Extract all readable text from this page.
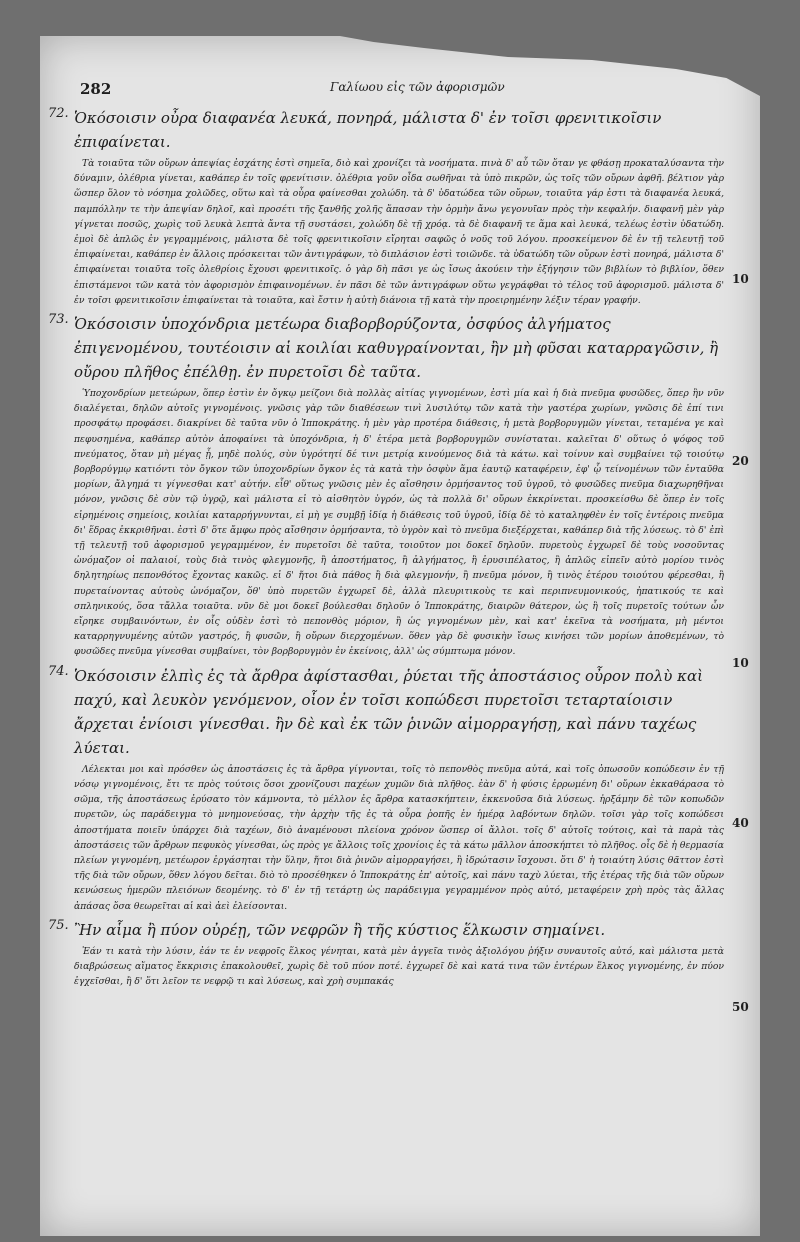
282	Γαλίωου εἰς τῶν ἀφορισμῶν
72. Ὁκόσοισιν οὖρα διαφανέα λευκά, πονηρά, μάλιστα δ' ἐν τοῖσι φρενιτικοῖσιν ἐπιφαίνεται.
Τὰ τοιαῦτα τῶν οὔρων ἀπεψίας ἐσχάτης ἐστὶ σημεῖα, διὸ καὶ χρονίζει τὰ νοσήματα. πινὰ δ' αὖ τῶν ὅταν γε φθάσῃ προκαταλύσαντα τὴν δύναμιν, ὀλέθρια γίνεται, καθάπερ ἐν τοῖς φρενίτισιν. ὀλέθρια γοῦν οἶδα σωθῆναι τὰ ὑπὸ πικρῶν, ὡς τοῖς τῶν οὔρων ἀφθῆ. βέλτιον γὰρ ὥσπερ ὅλον τὸ νόσημα χολῶδες, οὕτω καὶ τὰ οὖρα φαίνεσθαι χολώδη. τὰ δ' ὑδατώδεα τῶν οὔρων, τοιαῦτα γάρ ἐστι τὰ διαφανέα λευκά, παμπόλλην τε τὴν ἀπεψίαν δηλοῖ, καὶ προσέτι τῆς ξανθῆς χολῆς ἅπασαν τὴν ὁρμὴν ἄνω γεγονυῖαν πρὸς τὴν κεφαλήν. διαφανῆ μὲν γὰρ γίγνεται ποσῶς, χωρὶς τοῦ λευκὰ λεπτὰ ἄντα τῇ συστάσει, χολώδη δὲ τῇ χρόᾳ. τὰ δὲ διαφανῆ τε ἅμα καὶ λευκά, τελέως ἐστὶν ὑδατώδη. ἐμοὶ δὲ ἁπλῶς ἐν γεγραμμένοις, μάλιστα δὲ τοῖς φρενιτικοῖσιν εἴρηται σαφῶς ὁ νοῦς τοῦ λόγου. προσκείμενον δὲ ἐν τῇ τελευτῇ τοῦ ἐπιφαίνεται, καθάπερ ἐν ἄλλοις πρόσκειται τῶν ἀντιγράφων, τὸ διπλάσιον ἐστὶ τοιῶνδε. τὰ ὑδατώδη τῶν οὔρων ἐστὶ πονηρά, μάλιστα δ' ἐπιφαίνεται τοιαῦτα τοῖς ὀλεθρίοις ἔχουσι φρενιτικοῖς. ὁ γὰρ δὴ πᾶσι γε ὡς ἴσως ἀκούειν τὴν ἐξήγησιν τῶν βιβλίων τὸ βιβλίον, ὅθεν ἐπιστάμενοι τῶν κατὰ τὸν ἀφορισμὸν ἐπιφαινομένων. ἐν πᾶσι δὲ τῶν ἀντιγράφων οὕτω γεγράφθαι τὸ τέλος τοῦ ἀφορισμοῦ. μάλιστα δ' ἐν τοῖσι φρενιτικοῖσιν ἐπιφαίνεται τὰ τοιαῦτα, καὶ ἔστιν ἡ αὐτὴ διάνοια τῇ κατὰ τὴν προειρημένην λέξιν τέραν γραφήν.
73. Ὁκόσοισιν ὑποχόνδρια μετέωρα διαβορβορύζοντα, ὀσφύος ἀλγήματος ἐπιγενομένου, τουτέοισιν αἱ κοιλίαι καθυγραίνονται, ἢν μὴ φῦσαι καταρραγῶσιν, ἢ οὔρου πλῆθος ἐπέλθῃ. ἐν πυρετοῖσι δὲ ταῦτα.
Ὑποχονδρίων μετεώρων, ὅπερ ἐστὶν ἐν ὄγκῳ μείζονι διὰ πολλὰς αἰτίας γιγνομένων, ἐστὶ μία καὶ ἡ διὰ πνεῦμα φυσῶδες, ὅπερ ἢν νῦν διαλέγεται, δηλῶν αὐτοῖς γιγνομένοις. γνῶσις γὰρ τῶν διαθέσεων τινὶ λυσιλύτῳ τῶν κατὰ τὴν γαστέρα χωρίων, γνῶσις δὲ ἐπί τινι προσφάτῳ προφάσει. διακρίνει δὲ ταῦτα νῦν ὁ Ἱπποκράτης. ἡ μὲν γὰρ προτέρα διάθεσις, ἡ μετὰ βορβορυγμῶν γίνεται, τεταμένα γε καὶ πεφυσημένα, καθάπερ αὐτὸν ἀποφαίνει τὰ ὑποχόνδρια, ἡ δ' ἑτέρα μετὰ βορβορυγμῶν συνίσταται. καλεῖται δ' οὕτως ὁ ψόφος τοῦ πνεύματος, ὅταν μὴ μέγας ᾖ, μηδὲ πολύς, σὺν ὑγρότητί δέ τινι μετρίᾳ κινούμενος διὰ τὰ κάτω. καὶ τοίνυν καὶ συμβαίνει τῷ τοιούτῳ βορβορύγμῳ κατιόντι τὸν ὄγκον τῶν ὑποχονδρίων ὄγκον ἐς τὰ κατὰ τὴν ὀσφὺν ἅμα ἑαυτῷ καταφέρειν, ἐφ' ᾧ τείνομένων τῶν ἐνταῦθα μορίων, ἄλγημά τι γίγνεσθαι κατ' αὐτήν. εἶθ' οὕτως γνῶσις μὲν ἐς αἴσθησιν ὁρμήσαντος τοῦ ὑγροῦ, τὸ φυσῶδες πνεῦμα διαχωρηθῆναι μόνον, γνῶσις δὲ σὺν τῷ ὑγρῷ, καὶ μάλιστα εἰ τὸ αἰσθητὸν ὑγρόν, ὡς τὰ πολλὰ δι' οὔρων ἐκκρίνεται. προσκείσθω δὲ ὅπερ ἐν τοῖς εἰρημένοις σημείοις, κοιλίαι καταρρήγνυνται, εἰ μὴ γε συμβῇ ἰδίᾳ ἡ διάθεσις τοῦ ὑγροῦ, ἰδίᾳ δὲ τὸ καταληφθὲν ἐν τοῖς ἐντέροις πνεῦμα δι' ἕδρας ἐκκριθῆναι. ἐστὶ δ' ὅτε ἄμφω πρὸς αἴσθησιν ὁρμήσαντα, τὸ ὑγρὸν καὶ τὸ πνεῦμα διεξέρχεται, καθάπερ διὰ τῆς λύσεως. τὸ δ' ἐπὶ τῇ τελευτῇ τοῦ ἀφορισμοῦ γεγραμμένον, ἐν πυρετοῖσι δὲ ταῦτα, τοιοῦτον μοι δοκεῖ δηλοῦν. πυρετοὺς ἐγχωρεῖ δὲ τοὺς νοσοῦντας ὠνόμαζον οἱ παλαιοί, τοὺς διὰ τινὸς φλεγμονῆς, ἢ ἀποστήματος, ἢ ἀλγήματος, ἢ ἐρυσιπέλατος, ἢ ἁπλῶς εἰπεῖν αὐτὸ μορίου τινὸς δηλητηρίως πεπονθότος ἔχοντας κακῶς. εἰ δ' ἤτοι διὰ πάθος ἢ διὰ φλεγμονήν, ἢ πνεῦμα μόνον, ἢ τινὸς ἑτέρου τοιούτου φέρεσθαι, ἢ πυρεταίνοντας αὐτοὺς ὠνόμαζον, ὅθ' ὑπὸ πυρετῶν ἐγχωρεῖ δὲ, ἀλλὰ πλευριτικοὺς τε καὶ περιπνευμονικούς, ἠπατικούς τε καὶ σπληνικούς, ὅσα τἄλλα τοιαῦτα. νῦν δὲ μοι δοκεῖ βούλεσθαι δηλοῦν ὁ Ἱπποκράτης, διαιρῶν θάτερον, ὡς ἢ τοῖς πυρετοῖς τούτων ὧν εἴρηκε συμβαινόντων, ἐν οἷς οὐδὲν ἐστὶ τὸ πεπονθὸς μόριον, ἢ ὡς γιγνομένων μὲν, καὶ κατ' ἐκεῖνα τὰ νοσήματα, μὴ μέντοι καταρρηγνυμένης αὐτῶν γαστρός, ἢ φυσῶν, ἢ οὔρων διερχομένων. ὅθεν γὰρ δὲ φυσικὴν ἴσως κινήσει τῶν μορίων ἀποθεμένων, τὸ φυσῶδες πνεῦμα γίνεσθαι συμβαίνει, τὸν βορβορυγμὸν ἐν ἐκείνοις, ἀλλ' ὡς σύμπτωμα μόνον.
74. Ὁκόσοισιν ἐλπὶς ἐς τὰ ἄρθρα ἀφίστασθαι, ῥύεται τῆς ἀποστάσιος οὖρον πολὺ καὶ παχύ, καὶ λευκὸν γενόμενον, οἷον ἐν τοῖσι κοπώδεσι πυρετοῖσι τεταρταίοισιν ἄρχεται ἐνίοισι γίνεσθαι. ἢν δὲ καὶ ἐκ τῶν ῥινῶν αἱμορραγήσῃ, καὶ πάνυ ταχέως λύεται.
Λέλεκται μοι καὶ πρόσθεν ὡς ἀποστάσεις ἐς τὰ ἄρθρα γίγνονται, τοῖς τὸ πεπονθὸς πνεῦμα αὐτά, καὶ τοῖς ὁπωσοῦν κοπώδεσιν ἐν τῇ νόσῳ γιγνομένοις, ἔτι τε πρὸς τούτοις ὅσοι χρονίζουσι παχέων χυμῶν διὰ πλῆθος. ἐὰν δ' ἡ φύσις ἐρρωμένη δι' οὔρων ἐκκαθάρασα τὸ σῶμα, τῆς ἀποστάσεως ἐρύσατο τὸν κάμνοντα, τὸ μέλλον ἐς ἄρθρα κατασκήπτειν, ἐκκενοῦσα διὰ λύσεως. ἠρξάμην δὲ τῶν κοπωδῶν πυρετῶν, ὡς παράδειγμα τὸ μνημονεύσας, τὴν ἀρχὴν τῆς ἐς τὰ οὖρα ῥοπῆς ἐν ἡμέρᾳ λαβόντων δηλῶν. τοῖσι γὰρ τοῖς κοπώδεσι ἀποστήματα ποιεῖν ὑπάρχει διὰ ταχέων, διὸ ἀναμένουσι πλείονα χρόνον ὥσπερ οἱ ἄλλοι. τοῖς δ' αὐτοῖς τούτοις, καὶ τὰ παρὰ τὰς ἀποστάσεις τῶν ἄρθρων πεφυκὸς γίνεσθαι, ὡς πρὸς γε ἄλλοις τοῖς χρονίοις ἐς τὰ κάτω μᾶλλον ἀποσκήπτει τὸ πλῆθος. οἷς δὲ ἡ θερμασία πλείων γιγνομένη, μετέωρον ἐργάσηται τὴν ὕλην, ἤτοι διὰ ῥινῶν αἱμορραγήσει, ἢ ἱδρώτασιν ἴσχουσι. ὅτι δ' ἡ τοιαύτη λύσις θᾶττον ἐστὶ τῆς διὰ τῶν οὔρων, ὅθεν λόγου δεῖται. διὸ τὸ προσέθηκεν ὁ Ἱπποκράτης ἐπ' αὐτοῖς, καὶ πάνυ ταχὺ λύεται, τῆς ἑτέρας τῆς διὰ τῶν οὔρων κενώσεως ἡμερῶν πλειόνων δεομένης. τὸ δ' ἐν τῇ τετάρτῃ ὡς παράδειγμα γεγραμμένον πρὸς αὐτό, μεταφέρειν χρὴ πρὸς τὰς ἄλλας ἁπάσας ὅσα θεωρεῖται αἱ καὶ ἀεὶ ἐλείσονται.
75. Ἢν αἷμα ἢ πύον οὐρέῃ, τῶν νεφρῶν ἢ τῆς κύστιος ἕλκωσιν σημαίνει.
Ἐάν τι κατὰ τὴν λύσιν, ἐάν τε ἐν νεφροῖς ἕλκος γένηται, κατὰ μὲν ἀγγεῖα τινὸς ἀξιολόγου ῥήξιν συναυτοῖς αὐτό, καὶ μάλιστα μετὰ διαβρώσεως αἵματος ἔκκρισις ἐπακολουθεῖ, χωρὶς δὲ τοῦ πύον ποτέ. ἐγχωρεῖ δὲ καὶ κατά τινα τῶν ἐντέρων ἕλκος γιγνομένης, ἐν πύον ἐγχεῖσθαι, ἢ δ' ὅτι λεῖον τε νεφρῷ τι καὶ λύσεως, καὶ χρὴ συμπακάς
10
20
10
40
50
